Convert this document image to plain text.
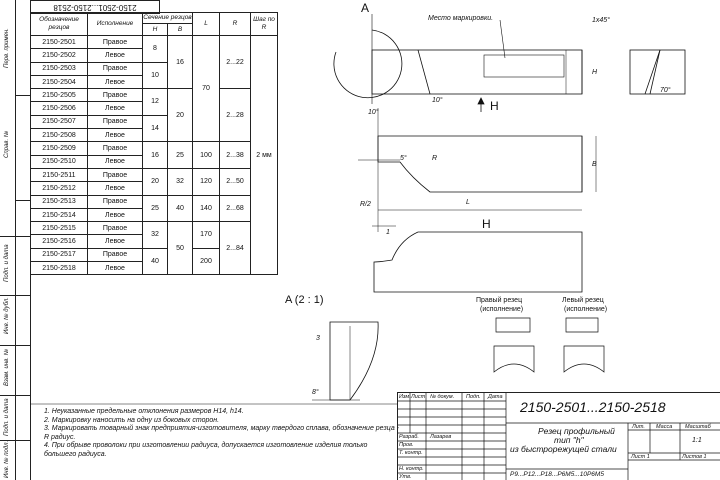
Перв. примен.
Справ. №
Подп. и дата
Инв. № дубл.
Взам. инв. №
Подп. и дата
Инв. № подл.
2150-2501...2150-2518
Обозначение резцов	Исполнение	Сечение резцов		L	R	Шаг по R
		H	B			
2150-2501	Правое	8	16	70	2...22	2 мм
2150-2502	Левое					
2150-2503	Правое	10				
2150-2504	Левое					
2150-2505	Правое	12	20		2...28	
2150-2506	Левое					
2150-2507	Правое	14				
2150-2508	Левое					
2150-2509	Правое	16	25	100	2...38	
2150-2510	Левое					
2150-2511	Правое	20	32	120	2...50	
2150-2512	Левое					
2150-2513	Правое	25	40	140	2...68	
2150-2514	Левое					
2150-2515	Правое	32	50	170	2...84	
2150-2516	Левое					
2150-2517	Правое	40		200		
2150-2518	Левое					
A
Место маркировки.	1x45°
10°
10°
70°
5°	R
R/2	L
B
H
1
3
8°
H
H
A (2 : 1)	Правый резец
(исполнение)
Левый резец
(исполнение)
1. Неуказанные предельные отклонения размеров H14, h14.
2. Маркировку наносить на одну из боковых сторон.
3. Маркировать товарный знак предприятия-изготовителя, марку твердого сплава, обозначение резца - R радиус.
4. При обрыве проволоки при изготовлении радиуса, допускается изготовление изделия только большего радиуса.
Изм. Лист № докум. Подп. Дата
Разраб. Лазарев
Пров.
Т. контр.
Н. контр.
Утв.
2150-2501...2150-2518
Резец профильный
тип "h"
из быстрорежущей стали
Р9...Р12...Р18...Р6М5...10Р6М5
Лит. Масса Масштаб
1:1
Лист 1	Листов 1
